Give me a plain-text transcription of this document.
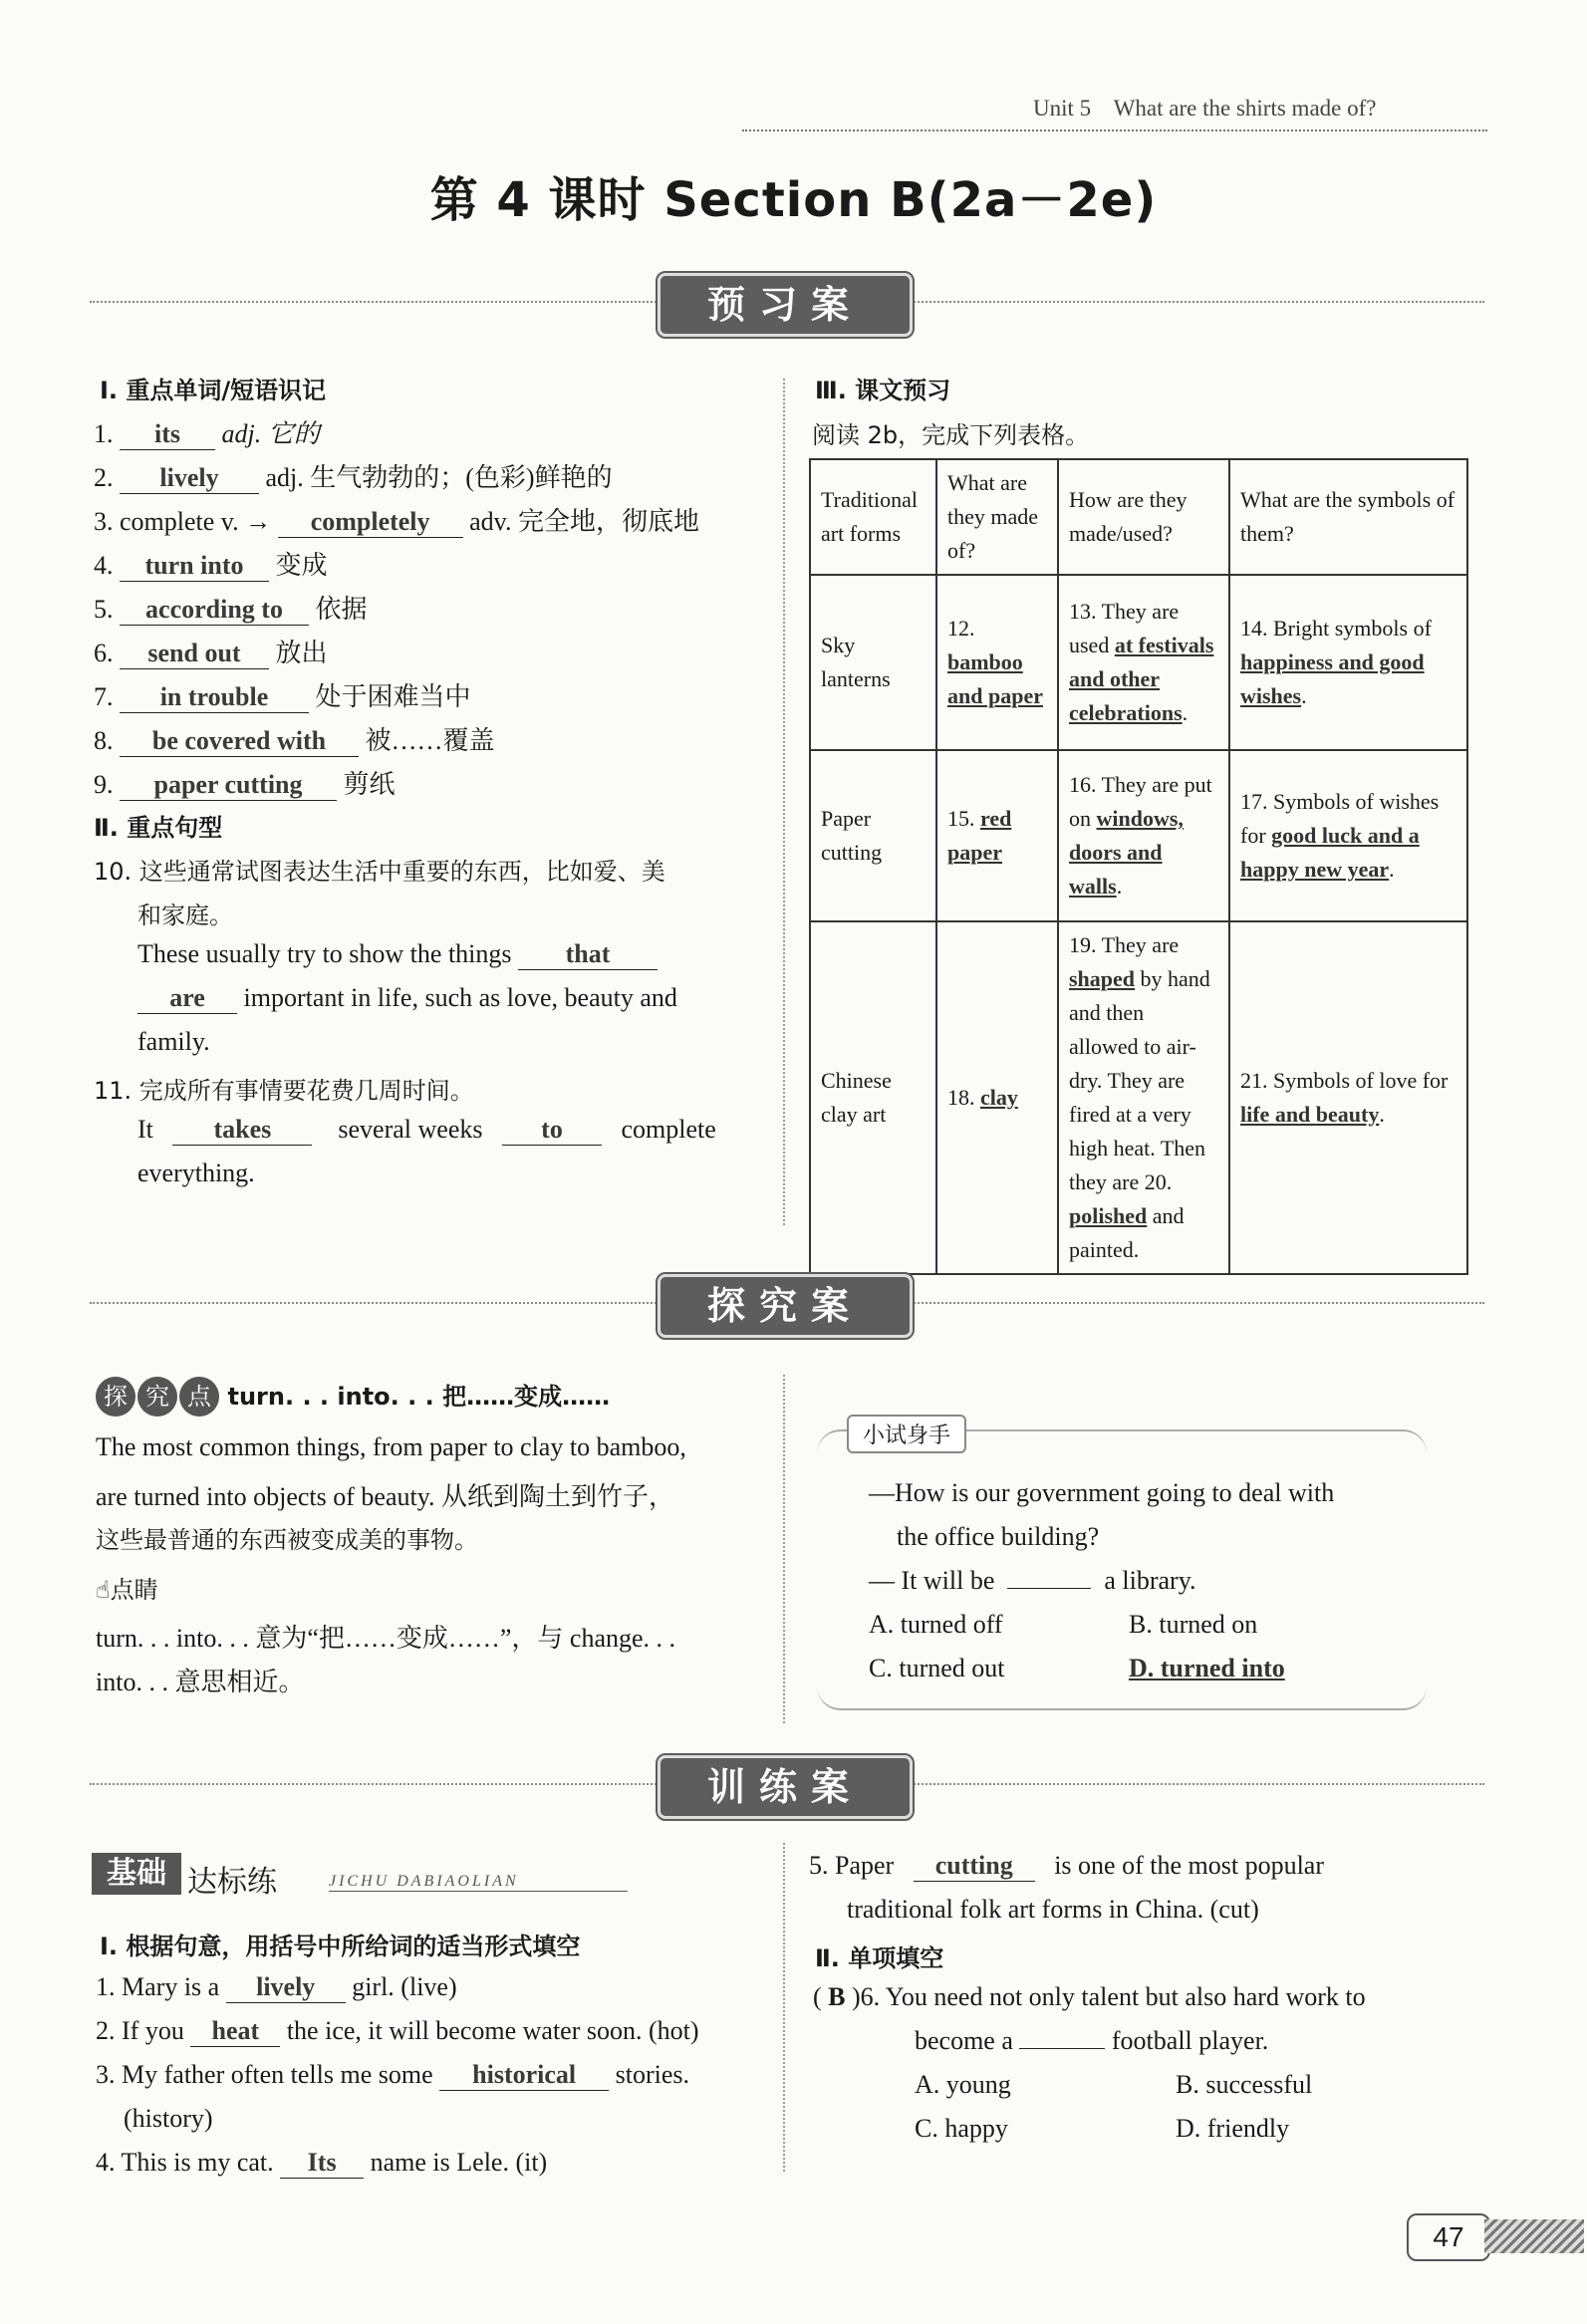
Unit 5    What are the shirts made of?
第 4 课时 Section B(2a－2e)
预习案
Ⅰ. 重点单词/短语识记
1. its adj. 它的
2. lively adj. 生气勃勃的；(色彩)鲜艳的
3. complete v. → completely adv. 完全地，彻底地
4. turn into 变成
5. according to 依据
6. send out 放出
7. in trouble 处于困难当中
8. be covered with 被……覆盖
9. paper cutting 剪纸
Ⅱ. 重点句型
10. 这些通常试图表达生活中重要的东西，比如爱、美
和家庭。
These usually try to show the things that
are important in life, such as love, beauty and
family.
11. 完成所有事情要花费几周时间。
It takes	several weeks to complete
everything.
Ⅲ. 课文预习
阅读 2b，完成下列表格。
Traditional art forms	What are they made of?	How are they made/used?	What are the symbols of them?
Sky lanterns	12. bamboo and paper	13. They are used at festivals and other celebrations.	14. Bright symbols of happiness and good wishes.
Paper cutting	15. red paper	16. They are put on windows, doors and walls.	17. Symbols of wishes for good luck and a happy new year.
Chinese clay art	18. clay	19. They are shaped by hand and then allowed to air-dry. They are fired at a very high heat. Then they are 20. polished and painted.	21. Symbols of love for life and beauty.
探究案
探 究 点 turn. . . into. . . 把……变成……
The most common things, from paper to clay to bamboo,
are turned into objects of beauty. 从纸到陶土到竹子，
这些最普通的东西被变成美的事物。
☝点睛
turn. . . into. . . 意为“把……变成……”，与 change. . .
into. . . 意思相近。
小试身手
—How is our government going to deal with
the office building?
— It will be	a library.
A. turned off	B. turned on
C. turned out	D. turned into
训练案
基础 达标练	JICHU DABIAOLIAN
Ⅰ. 根据句意，用括号中所给词的适当形式填空
1. Mary is a lively girl. (live)
2. If you heat the ice, it will become water soon. (hot)
3. My father often tells me some historical stories.
(history)
4. This is my cat. Its name is Lele. (it)
5. Paper cutting is one of the most popular
traditional folk art forms in China. (cut)
Ⅱ. 单项填空
( B )6. You need not only talent but also hard work to
become a	football player.
A. young	B. successful
C. happy	D. friendly
47
